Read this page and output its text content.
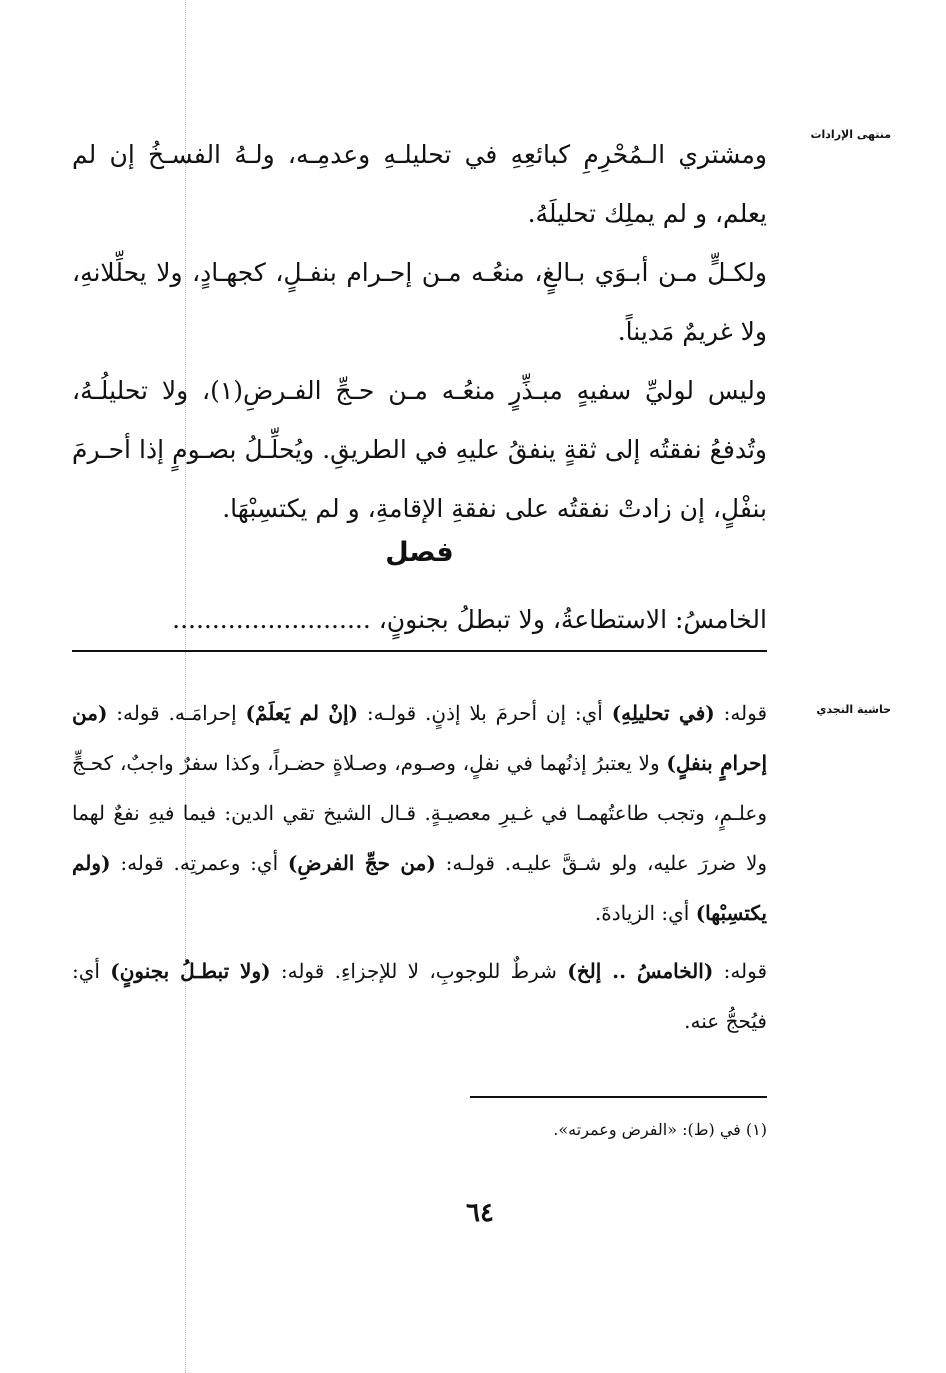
منتهى الإرادات
حاشية النجدي

ومشتري الـمُحْرِمِ كبائعِهِ في تحليلـهِ وعدمِـه، ولـهُ الفسـخُ إن لم يعلم، و لم يملِك تحليلَهُ.

ولكـلٍّ مـن أبـوَي بـالغٍ، منعُـه مـن إحـرام بنفـلٍ، كجهـادٍ، ولا يحلِّلانهِ، ولا غريمٌ مَديناً.

وليس لوليِّ سفيهٍ مبـذِّرٍ منعُـه مـن حـجِّ الفـرضِ(١)، ولا تحليلُـهُ، وتُدفعُ نفقتُه إلى ثقةٍ ينفقُ عليهِ في الطريقِ. ويُحلِّـلُ بصـومٍ إذا أحـرمَ بنفْلٍ، إن زادتْ نفقتُه على نفقةِ الإقامةِ، و لم يكتسِبْهَا.

فصل
الخامسُ: الاستطاعةُ، ولا تبطلُ بجنونٍ، .........................

قوله: (في تحليلِهِ) أي: إن أحرمَ بلا إذنٍ. قولـه: (إنْ لم يَعلَمْ) إحرامَـه. قوله: (من إحرامٍ بنفلٍ) ولا يعتبرُ إذنُهما في نفلٍ، وصـوم، وصـلاةٍ حضـراً، وكذا سفرٌ واجبٌ، كحـجٍّ وعلـمٍ، وتجب طاعتُهمـا في غـيرِ معصيـةٍ. قـال الشيخ تقي الدين: فيما فيهِ نفعٌ لهما ولا ضررَ عليه، ولو شـقَّ عليـه. قولـه: (من حجِّ الفرضِ) أي: وعمرتِه. قوله: (ولم يكتسِبْها) أي: الزيادةَ.

قوله: (الخامسُ .. إلخ) شرطٌ للوجوبِ، لا للإجزاءِ. قوله: (ولا تبطـلُ بجنونٍ) أي: فيُحجُّ عنه.

(١) في (ط): «الفرض وعمرته».
٦٤
